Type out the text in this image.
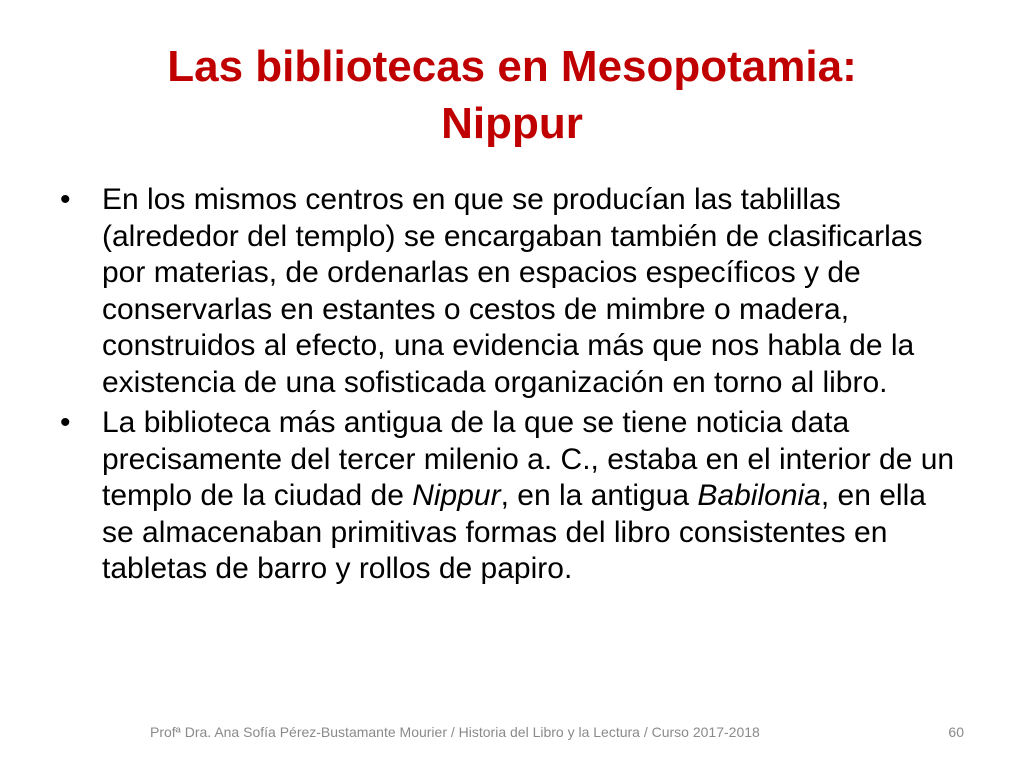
Las bibliotecas en Mesopotamia:
Nippur
•	En los mismos centros en que se producían las tablillas (alrededor del templo) se encargaban también de clasificarlas por materias, de ordenarlas en espacios específicos y de conservarlas en estantes o cestos de mimbre o madera, construidos al efecto, una evidencia más que nos habla de la existencia de una sofisticada organización en torno al libro.
•	La biblioteca más antigua de la que se tiene noticia data precisamente del tercer milenio a. C., estaba en el interior de un templo de la ciudad de Nippur, en la antigua Babilonia, en ella se almacenaban primitivas formas del libro consistentes en tabletas de barro y rollos de papiro.
Profª Dra. Ana Sofía Pérez-Bustamante Mourier / Historia del Libro y la Lectura / Curso 2017-2018	60
